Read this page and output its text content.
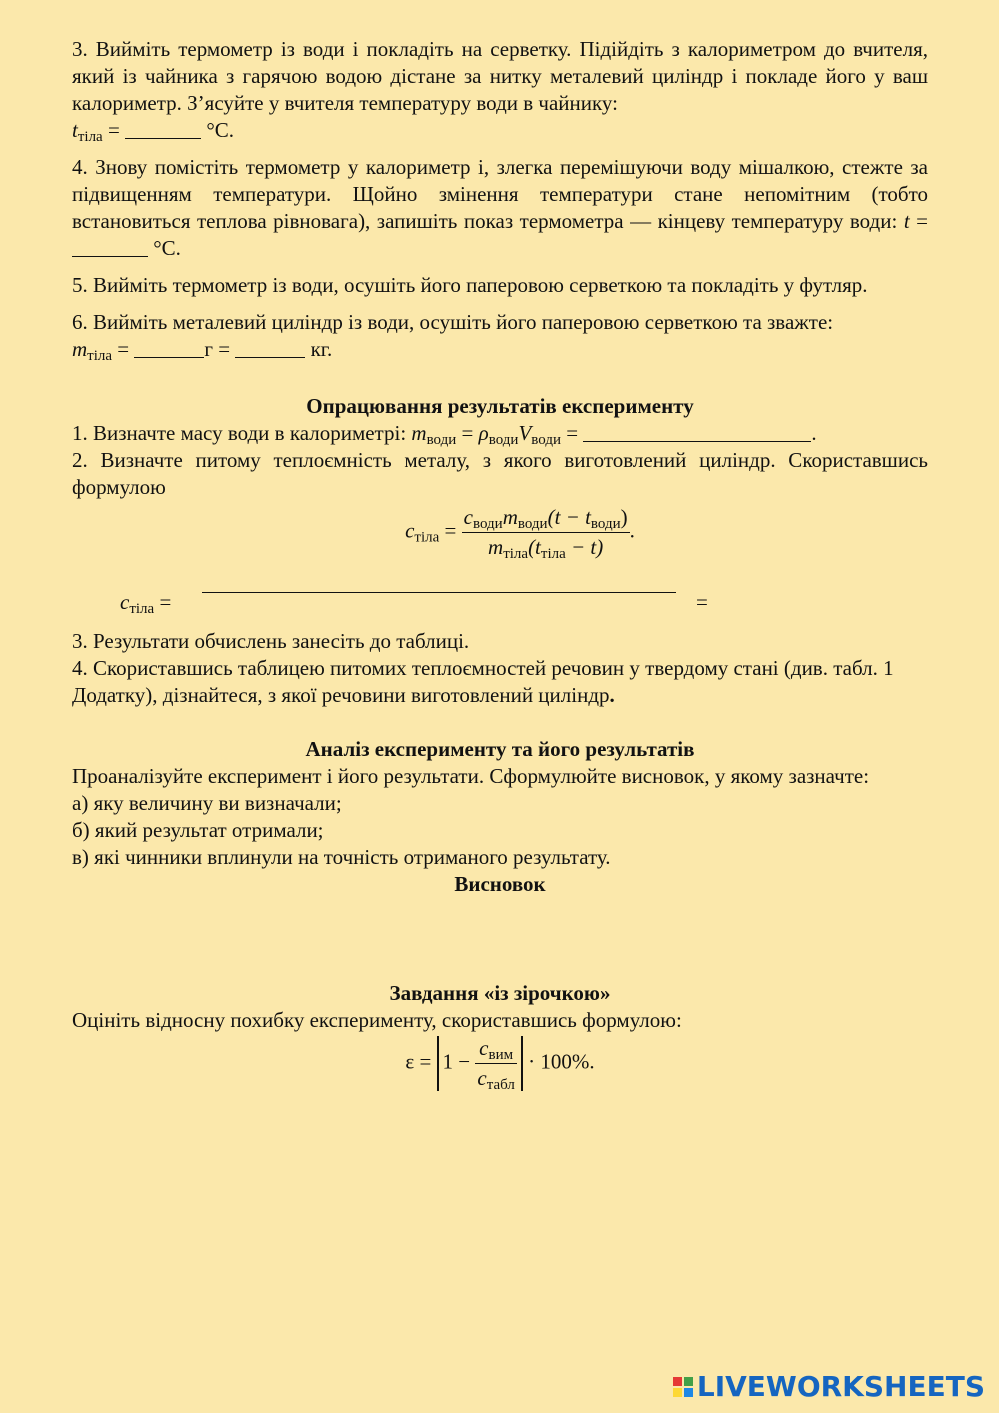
3. Вийміть термометр із води і покладіть на серветку. Підійдіть з калориметром до вчителя, який із чайника з гарячою водою дістане за нитку металевий циліндр і покладе його у ваш калориметр. З’ясуйте у вчителя температуру води в чайнику:
$t_{тіла}$ =	°C.

4. Знову помістіть термометр у калориметр і, злегка перемішуючи воду мішалкою, стежте за підвищенням температури. Щойно змінення температури стане непомітним (тобто встановиться теплова рівновага), запишіть показ термометра — кінцеву температуру води: t =  °C.

5. Вийміть термометр із води, осушіть його паперовою серветкою та покладіть у футляр.

6. Вийміть металевий циліндр із води, осушіть його паперовою серветкою та зважте:
$m_{тіла}$ =	г =	кг.

Опрацювання результатів експерименту

1. Визначте масу води в калориметрі: $m_{води} = \rho_{води}V_{води}$ =	.

2. Визначте питому теплоємність металу, з якого виготовлений циліндр. Скориставшись формулою

$c_{тіла} = \frac{c_{води}m_{води}(t - t_{води})}{m_{тіла}(t_{тіла} - t)}$ .
$c_{тіла}$ =	=

3. Результати обчислень занесіть до таблиці.

4. Скориставшись таблицею питомих теплоємностей речовин у твердому стані (див. табл. 1 Додатку), дізнайтеся, з якої речовини виготовлений циліндр.

Аналіз експерименту та його результатів

Проаналізуйте експеримент і його результати. Сформулюйте висновок, у якому зазначте:

а) яку величину ви визначали;

б) який результат отримали;

в) які чинники вплинули на точність отриманого результату.

Висновок
Завдання «із зірочкою»

Оцініть відносну похибку експерименту, скориставшись формулою:

$\varepsilon = 1 - \frac{c_{вим}}{c_{табл}} \cdot 100\%$.
LIVEWORKSHEETS
